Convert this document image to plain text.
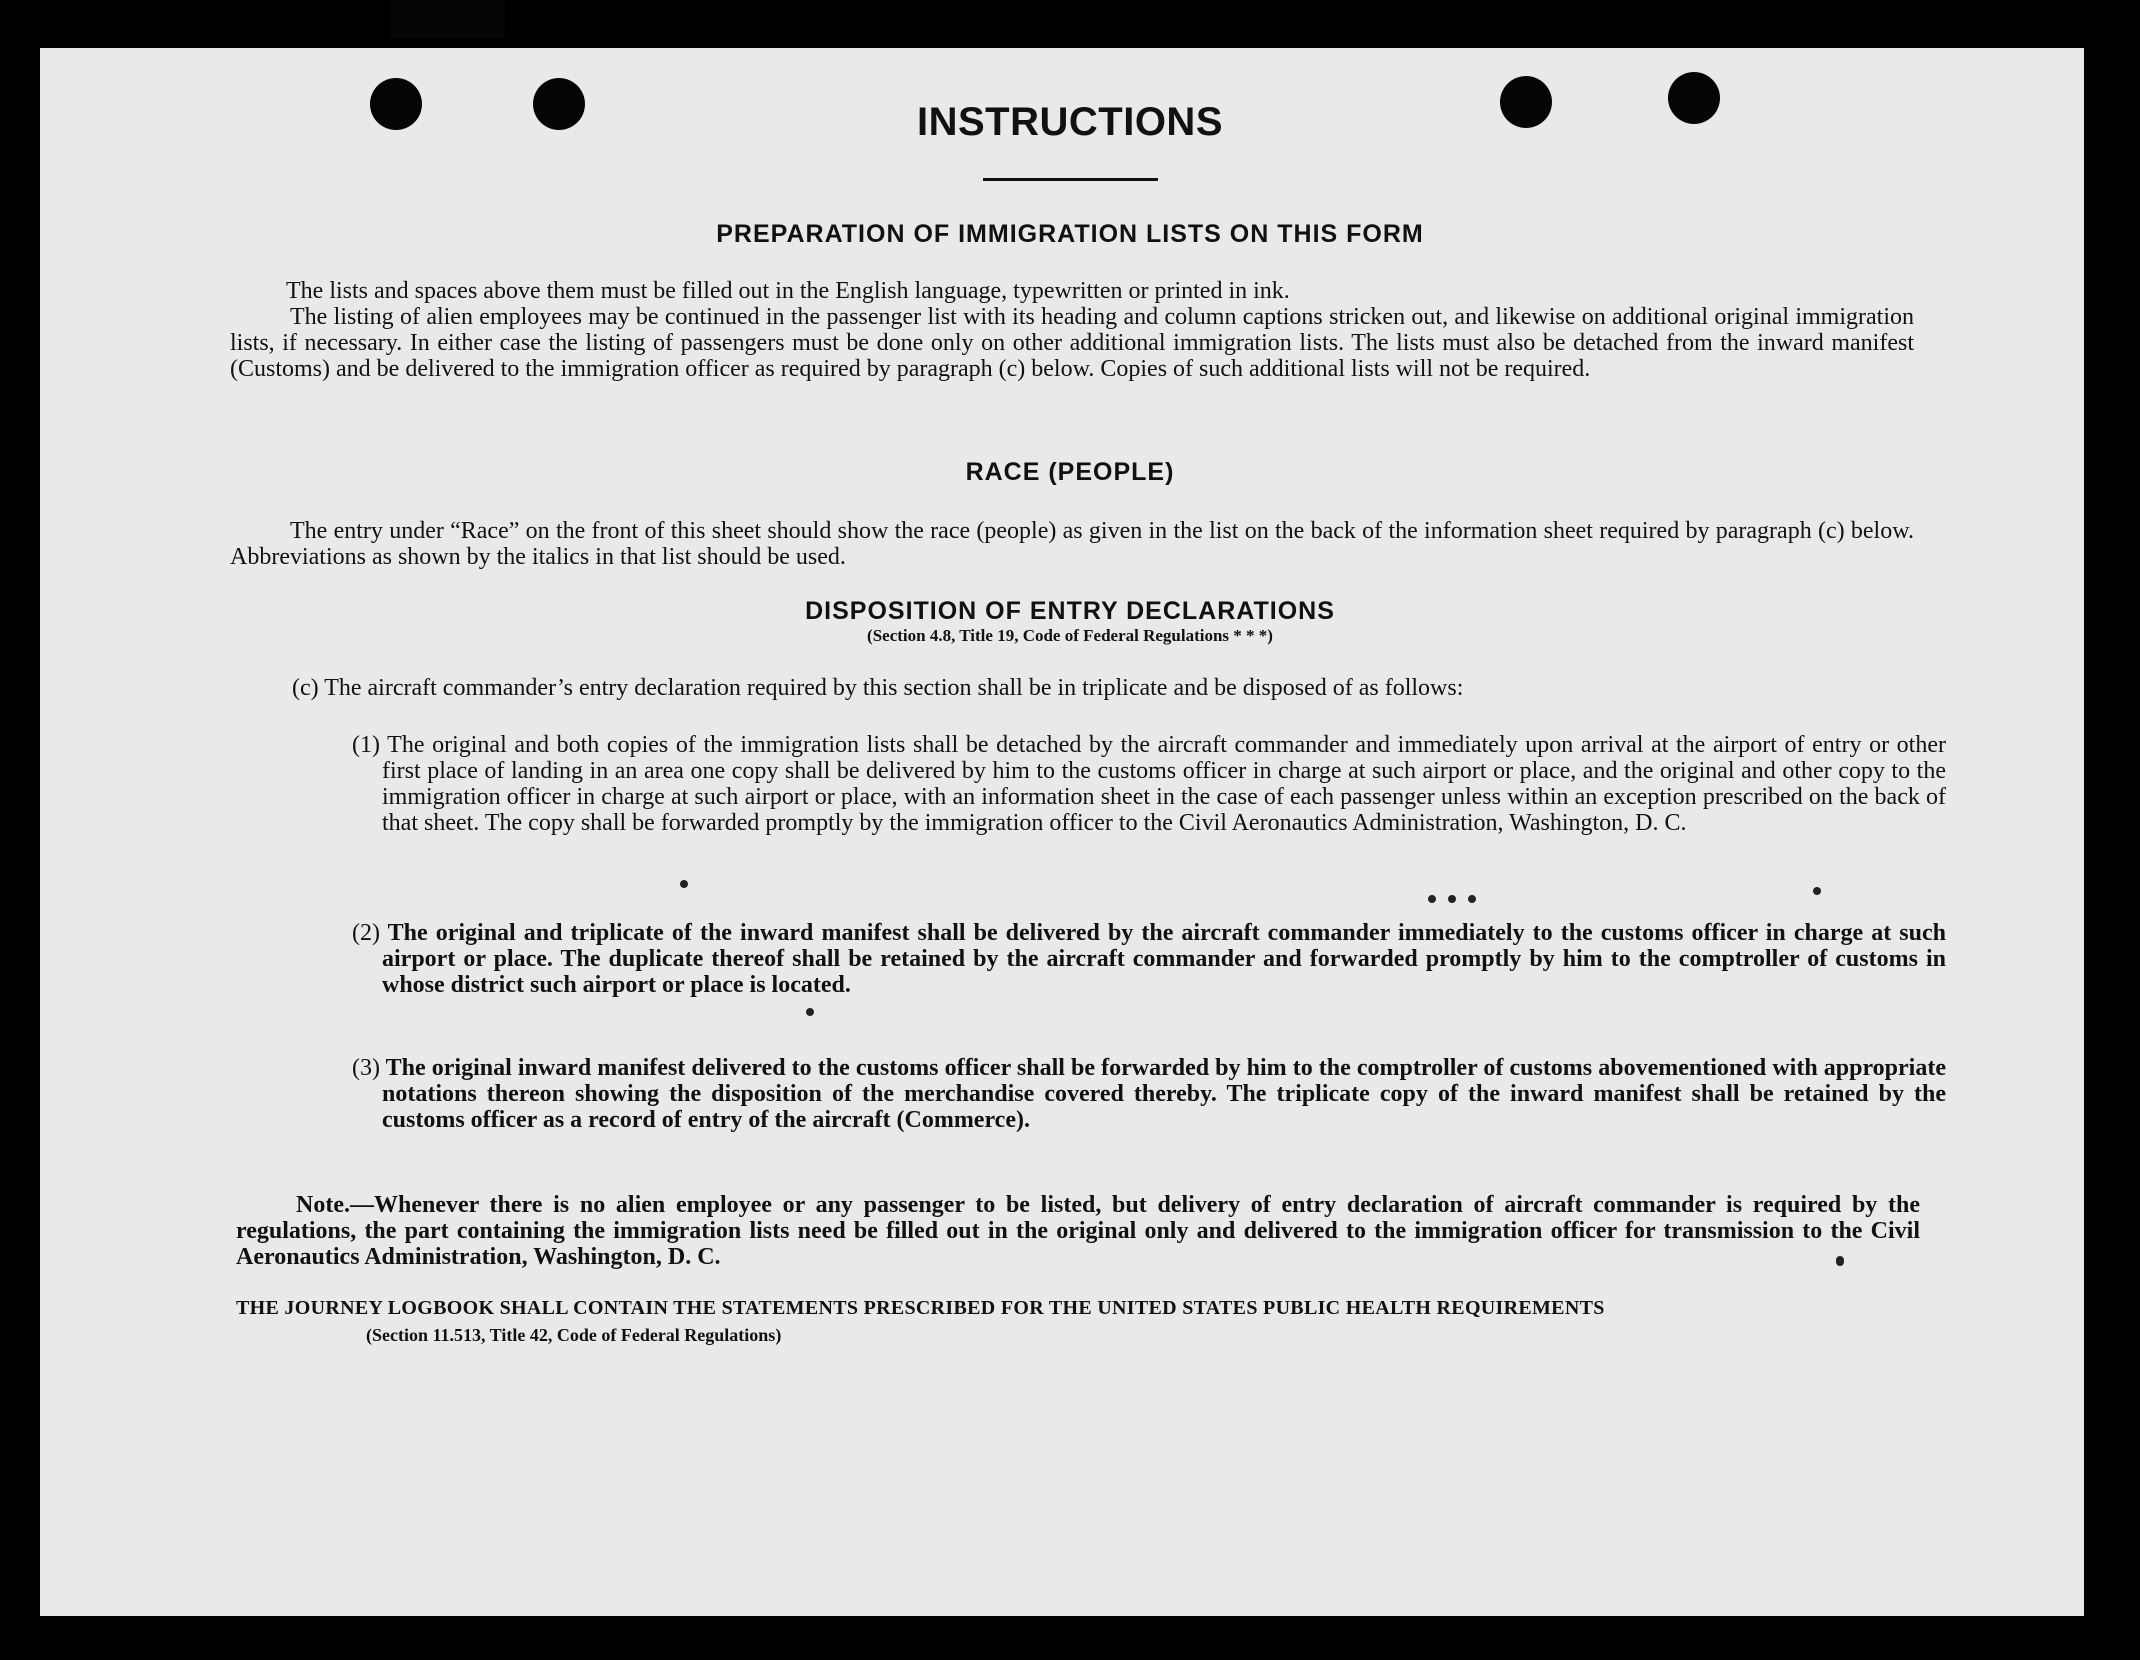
INSTRUCTIONS
PREPARATION OF IMMIGRATION LISTS ON THIS FORM

The lists and spaces above them must be filled out in the English language, typewritten or printed in ink.

The listing of alien employees may be continued in the passenger list with its heading and column captions stricken out, and likewise on additional original immigration lists, if necessary. In either case the listing of passengers must be done only on other additional immigration lists. The lists must also be detached from the inward manifest (Customs) and be delivered to the immigration officer as required by paragraph (c) below. Copies of such additional lists will not be required.

RACE (PEOPLE)

The entry under “Race” on the front of this sheet should show the race (people) as given in the list on the back of the information sheet required by paragraph (c) below. Abbreviations as shown by the italics in that list should be used.

DISPOSITION OF ENTRY DECLARATIONS
(Section 4.8, Title 19, Code of Federal Regulations * * *)

(c) The aircraft commander’s entry declaration required by this section shall be in triplicate and be disposed of as follows:

(1) The original and both copies of the immigration lists shall be detached by the aircraft commander and immediately upon arrival at the airport of entry or other first place of landing in an area one copy shall be delivered by him to the customs officer in charge at such airport or place, and the original and other copy to the immigration officer in charge at such airport or place, with an information sheet in the case of each passenger unless within an exception prescribed on the back of that sheet. The copy shall be forwarded promptly by the immigration officer to the Civil Aeronautics Administration, Washington, D. C.

(2) The original and triplicate of the inward manifest shall be delivered by the aircraft commander immediately to the customs officer in charge at such airport or place. The duplicate thereof shall be retained by the aircraft commander and forwarded promptly by him to the comptroller of customs in whose district such airport or place is located.

(3) The original inward manifest delivered to the customs officer shall be forwarded by him to the comptroller of customs abovementioned with appropriate notations thereon showing the disposition of the merchandise covered thereby. The triplicate copy of the inward manifest shall be retained by the customs officer as a record of entry of the aircraft (Commerce).

Note.—Whenever there is no alien employee or any passenger to be listed, but delivery of entry declaration of aircraft commander is required by the regulations, the part containing the immigration lists need be filled out in the original only and delivered to the immigration officer for transmission to the Civil Aeronautics Administration, Washington, D. C.

THE JOURNEY LOGBOOK SHALL CONTAIN THE STATEMENTS PRESCRIBED FOR THE UNITED STATES PUBLIC HEALTH REQUIREMENTS
(Section 11.513, Title 42, Code of Federal Regulations)
